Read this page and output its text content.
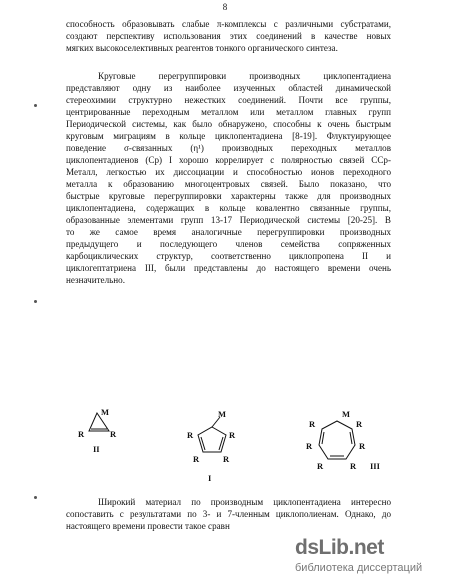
8
способность образовывать слабые π-комплексы с различными субстратами,
создают перспективу использования этих соединений в качестве новых
мягких высокоселективных реагентов тонкого органического синтеза.
Круговые перегруппировки производных циклопентадиена
представляют одну из наиболее изученных областей динамической
стереохимии структурно нежестких соединений. Почти все группы,
центрированные переходным металлом или металлом главных групп
Периодической системы, как было обнаружено, способны к очень быстрым
круговым миграциям в кольце циклопентадиена [8-19]. Флуктуирующее
поведение σ-связанных (η¹) производных переходных металлов
циклопентадиенов (Cp) I хорошо коррелирует с полярностью связей CCp-
Металл, легкостью их диссоциации и способностью ионов переходного
металла к образованию многоцентровых связей. Было показано, что
быстрые круговые перегруппировки характерны также для производных
циклопентадиена, содержащих в кольце ковалентно связанные группы,
образованные элементами групп 13-17 Периодической системы [20-25]. В
то же самое время аналогичные перегруппировки производных
предыдущего и последующего членов семейства сопряженных
карбоциклических структур, соответственно циклопропена II и
циклогептатриена III, были представлены до настоящего времени очень
незначительно.
M
R	R
II
M
R	R
R	R
I
M
R	R
R	R
R	R III
Широкий материал по производным циклопентадиена интересно
сопоставить с результатами по 3- и 7-членным циклополиенам. Однако, до
настоящего времени провести такое сравн
dsLib.net
библиотека диссертаций
